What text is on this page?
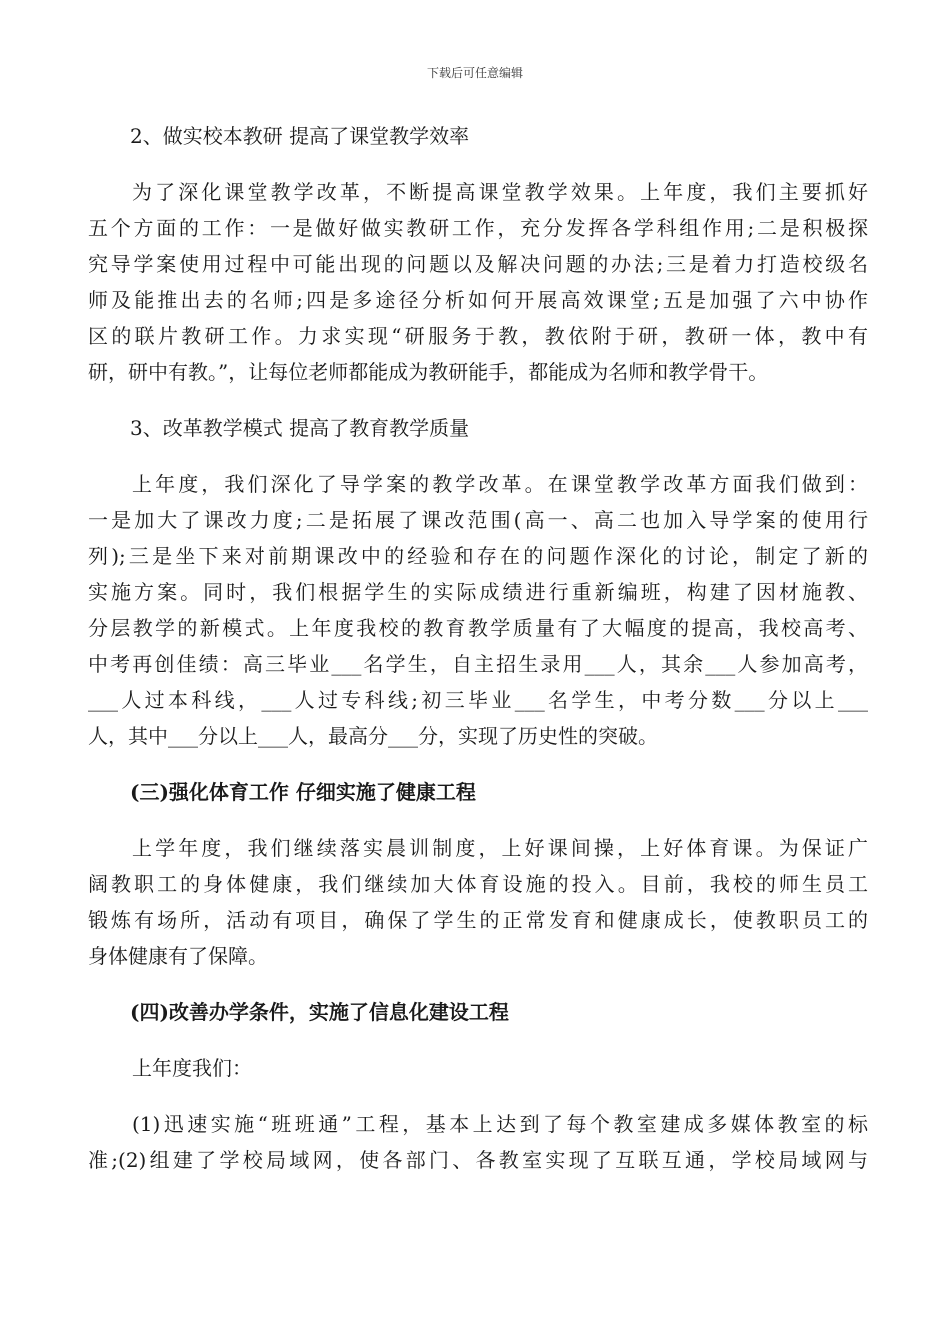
下载后可任意编辑
2、做实校本教研 提高了课堂教学效率
为了深化课堂教学改革，不断提高课堂教学效果。上年度，我们主要抓好
五个方面的工作：一是做好做实教研工作，充分发挥各学科组作用;二是积极探
究导学案使用过程中可能出现的问题以及解决问题的办法;三是着力打造校级名
师及能推出去的名师;四是多途径分析如何开展高效课堂;五是加强了六中协作
区的联片教研工作。力求实现“研服务于教，教依附于研，教研一体，教中有
研，研中有教。”，让每位老师都能成为教研能手，都能成为名师和教学骨干。
3、改革教学模式 提高了教育教学质量
上年度，我们深化了导学案的教学改革。在课堂教学改革方面我们做到：
一是加大了课改力度;二是拓展了课改范围(高一、高二也加入导学案的使用行
列);三是坐下来对前期课改中的经验和存在的问题作深化的讨论，制定了新的
实施方案。同时，我们根据学生的实际成绩进行重新编班，构建了因材施教、
分层教学的新模式。上年度我校的教育教学质量有了大幅度的提高，我校高考、
中考再创佳绩：高三毕业___名学生，自主招生录用___人，其余___人参加高考，
___人过本科线，___人过专科线;初三毕业___名学生，中考分数___分以上___
人，其中___分以上___人，最高分___分，实现了历史性的突破。
(三)强化体育工作 仔细实施了健康工程
上学年度，我们继续落实晨训制度，上好课间操，上好体育课。为保证广
阔教职工的身体健康，我们继续加大体育设施的投入。目前，我校的师生员工
锻炼有场所，活动有项目，确保了学生的正常发育和健康成长，使教职员工的
身体健康有了保障。
(四)改善办学条件，实施了信息化建设工程
上年度我们：
(1)迅速实施“班班通”工程，基本上达到了每个教室建成多媒体教室的标
准;(2)组建了学校局域网，使各部门、各教室实现了互联互通，学校局域网与
